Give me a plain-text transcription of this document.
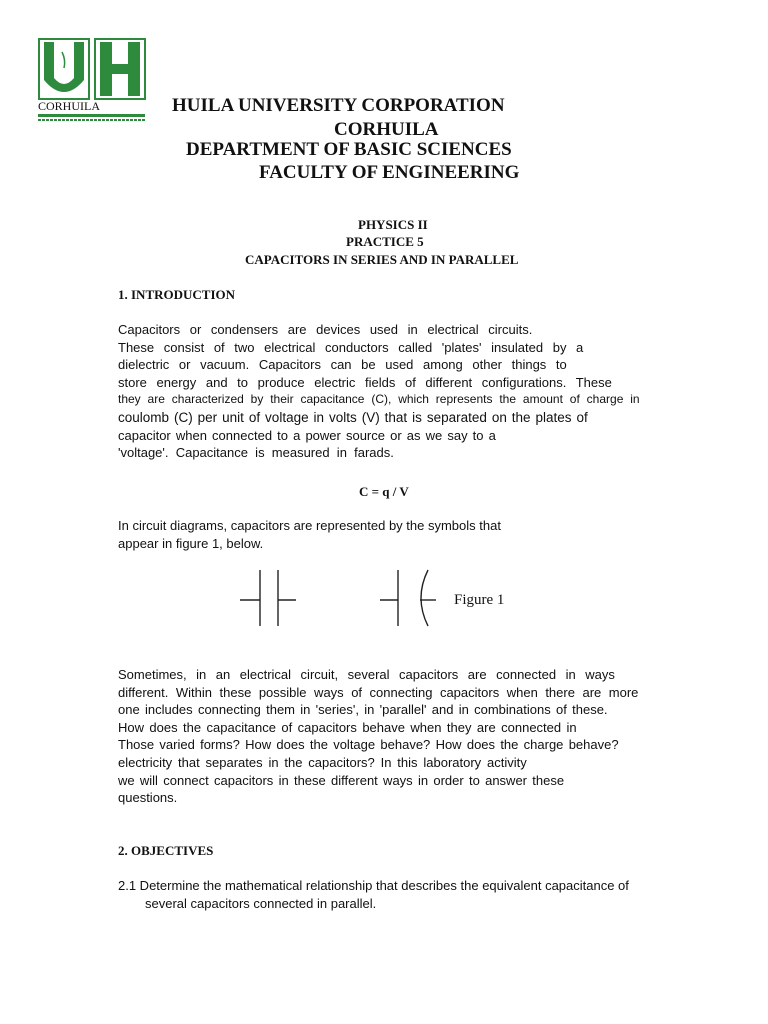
CORHUILA	HUILA UNIVERSITY CORPORATION
CORHUILA
DEPARTMENT OF BASIC SCIENCES
FACULTY OF ENGINEERING
PHYSICS II
PRACTICE 5
CAPACITORS IN SERIES AND IN PARALLEL
1. INTRODUCTION
Capacitors or condensers are devices used in electrical circuits.
These consist of two electrical conductors called 'plates' insulated by a
dielectric or vacuum. Capacitors can be used among other things to
store energy and to produce electric fields of different configurations. These
they are characterized by their capacitance (C), which represents the amount of charge in
coulomb (C) per unit of voltage in volts (V) that is separated on the plates of
capacitor when connected to a power source or as we say to a
'voltage'. Capacitance is measured in farads.
C = q / V
In circuit diagrams, capacitors are represented by the symbols that
appear in figure 1, below.
Figure 1
Sometimes, in an electrical circuit, several capacitors are connected in ways
different. Within these possible ways of connecting capacitors when there are more
one includes connecting them in 'series', in 'parallel' and in combinations of these.
How does the capacitance of capacitors behave when they are connected in
Those varied forms? How does the voltage behave? How does the charge behave?
electricity that separates in the capacitors? In this laboratory activity
we will connect capacitors in these different ways in order to answer these
questions.
2. OBJECTIVES
2.1 Determine the mathematical relationship that describes the equivalent capacitance of
several capacitors connected in parallel.
